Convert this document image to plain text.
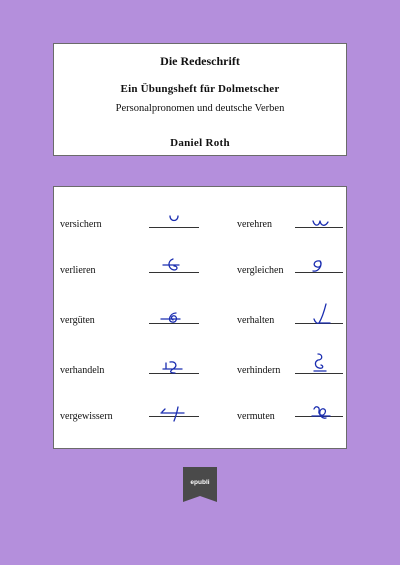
Die Redeschrift
Ein Übungsheft für Dolmetscher
Personalpronomen und deutsche Verben
Daniel Roth
versichern	verehren
verlieren	vergleichen
vergüten	verhalten
verhandeln	verhindern
vergewissern	vermuten
epubli
